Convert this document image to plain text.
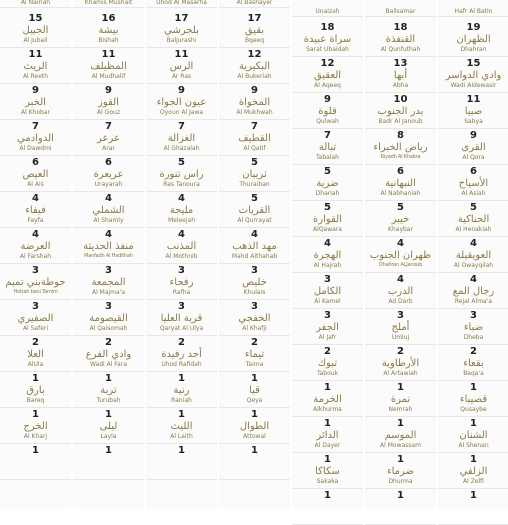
Al Nairiah
15
الجبيل
Al Jubail
11
الريث
Al Reeth
9
الخبر
Al Khobar
7
الدوادمي
Al Dawdmi
6
العيص
Al Ais
4
فيفاء
Fayfa
4
العرضة
Al Farshah
3
حوطةبني تميم
Hottah bani Tamim
3
الصفيري
Al Saferi
2
العلا
AlUla
1
بارق
Bareq
1
الخرج
Al Kharj
1
Khamis Mushait
16
بيشة
Bishah
11
المظيلف
Al Mudhalif
9
القوز
Al Gouz
7
عرعر
Arar
6
عريعرة
Urayarah
4
الشملي
Al Shamly
4
منفذ الحديثة
Manfadh Al Hadithah
3
المجمعة
Al Majma'a
3
القيصومة
Al Qaisomah
2
وادي الفرع
Wadi Al Fara
1
تربة
Turubah
1
ليلى
Layla
1
Uhod Al Masarha
17
بلجرشي
Baljurashi
11
الرس
Ar Ras
9
عيون الجواء
Oyoun Al Jawa
7
الغزالة
Al Ghazalah
5
راس تنورة
Ras Tanoura
4
مليجة
Meleejah
4
المذنب
Al Mothnib
3
رفحاء
Rafha
3
قرية العليا
Qaryat Al Ulya
2
أحد رفيدة
Uhod Rafidah
1
رنية
Raniah
1
الليث
Al Laith
1
Al Bashayer
17
بقيق
Bqeeq
12
البكيرية
Al Bukeriah
9
المخواة
Al Mukhwah
7
القطيف
Al Qatif
5
ثريبان
Thuraiban
5
القريات
Al Qurrayat
4
مهد الذهب
Mahd Althahab
3
خليص
Khulais
3
الخفجي
Al Khafji
2
تيماء
Taima
1
قيا
Qeya
1
الطوال
Attowal
1
Unaizah
18
سراة عبيدة
Sarat Ubaidah
12
العقيق
Al Aqeeq
9
قلوة
Qulwah
7
تبالة
Tabalah
5
ضرية
Dhariah
5
القوارة
AlQawara
4
الهجرة
Al Hajrah
3
الكامل
Al Kamel
3
الجفر
Al Jafr
2
تبوك
Tabouk
1
الخرمة
Alkhurma
1
الدائر
Al Dayer
1
سكاكا
Sakaka
1
Ballsamar
18
القنفذة
Al Qunfuthah
13
أبها
Abha
10
بدر الجنوب
Badr Al Janoub
8
رياض الخبراء
Riyadh Al Khabra
6
النبهانية
Al Nabhaniah
5
خيبر
Khaybar
4
ظهران الجنوب
Dhahran ALJanoub
4
الدرب
Ad Darb
3
أملج
Umluj
2
الأرطاوية
Al Artawiah
1
نمرة
Nemrah
1
الموسم
Al Mowassam
1
ضرماء
Dhurma
1
Hafr Al Batin
19
الظهران
Dhahran
15
وادي الدواسر
Wadi Aldewasir
11
صبيا
Sabya
9
القرى
Al Qora
6
الأسياح
Al Asiah
5
الحناكية
Al Henakiah
4
العويقيلة
Al Owayqilah
4
رجال المع
Rejal Alma'a
3
ضباء
Dheba
2
بقعاء
Baqa'a
1
قصيباء
Qusaybe
1
الشنان
Al Shenan
1
الزلفي
Al Zelfi
1
